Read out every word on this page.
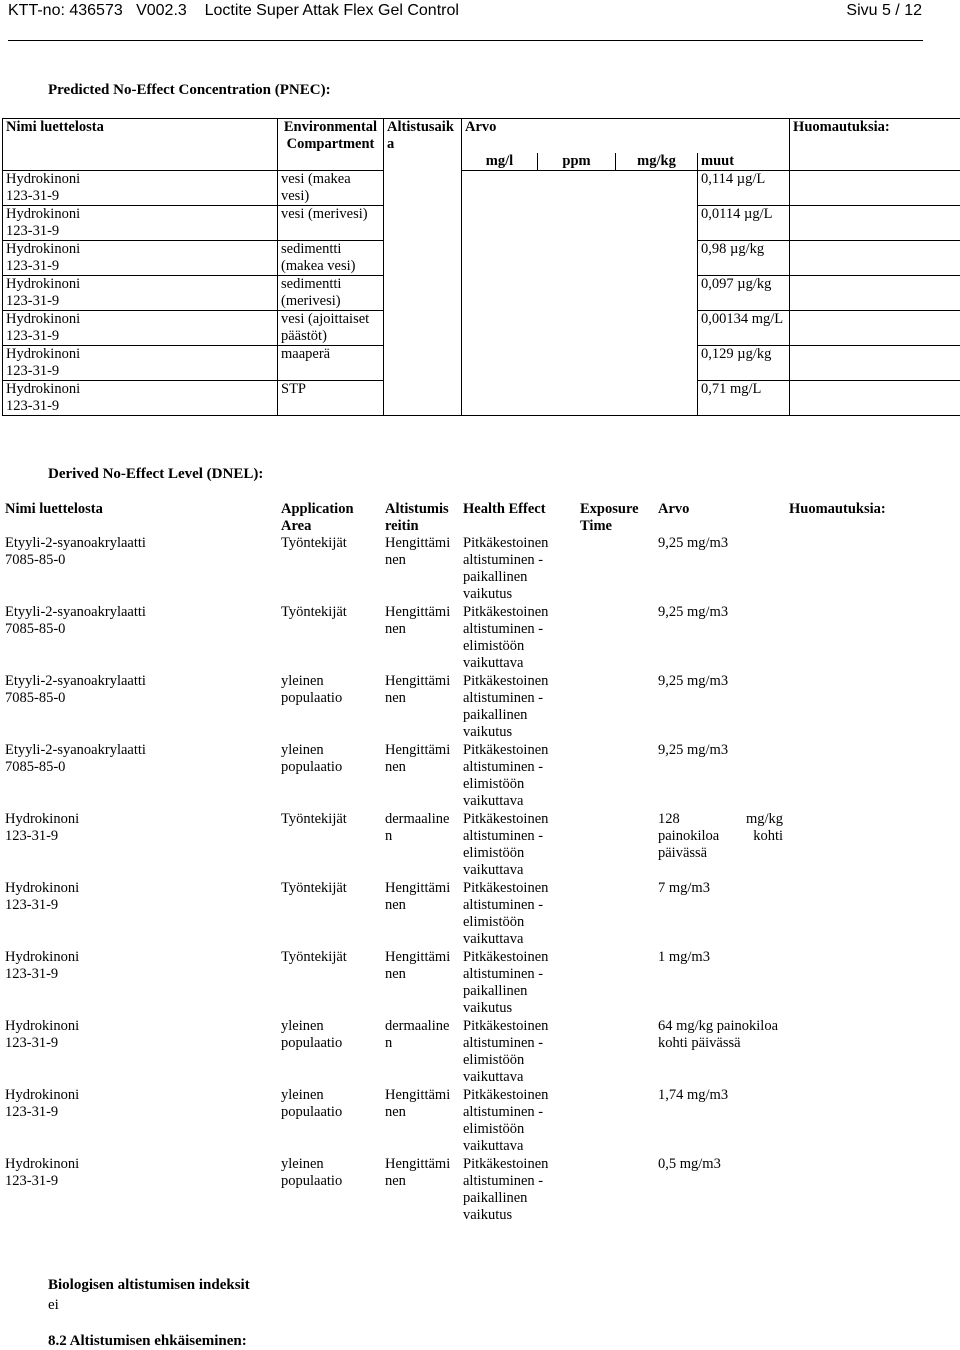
KTT-no: 436573   V002.3    Loctite Super Attak Flex Gel Control	Sivu 5 / 12
Predicted No-Effect Concentration (PNEC):
Nimi luettelosta	Environmental Compartment	Altistusaik a	Arvo				Huomautuksia:
			mg/l	ppm	mg/kg	muut	

Hydrokinoni
123-31-9	vesi (makea vesi)					0,114 µg/L	

Hydrokinoni
123-31-9	vesi (merivesi)					0,0114 µg/L	

Hydrokinoni
123-31-9	sedimentti (makea vesi)					0,98 µg/kg	

Hydrokinoni
123-31-9	sedimentti (merivesi)					0,097 µg/kg	

Hydrokinoni
123-31-9	vesi (ajoittaiset päästöt)					0,00134 mg/L	

Hydrokinoni
123-31-9	maaperä					0,129 µg/kg	

Hydrokinoni
123-31-9	STP					0,71 mg/L	
Derived No-Effect Level (DNEL):
Nimi luettelosta	Application Area	Altistumis reitin	Health Effect	Exposure Time	Arvo	Huomautuksia:

Etyyli-2-syanoakrylaatti
7085-85-0	Työntekijät	Hengittämi nen	Pitkäkestoinen altistuminen - paikallinen vaikutus		9,25 mg/m3	

Etyyli-2-syanoakrylaatti
7085-85-0	Työntekijät	Hengittämi nen	Pitkäkestoinen altistuminen - elimistöön vaikuttava		9,25 mg/m3	

Etyyli-2-syanoakrylaatti
7085-85-0	yleinen populaatio	Hengittämi nen	Pitkäkestoinen altistuminen - paikallinen vaikutus		9,25 mg/m3	

Etyyli-2-syanoakrylaatti
7085-85-0	yleinen populaatio	Hengittämi nen	Pitkäkestoinen altistuminen - elimistöön vaikuttava		9,25 mg/m3	

Hydrokinoni
123-31-9	Työntekijät	dermaaline n	Pitkäkestoinen altistuminen - elimistöön vaikuttava		128 mg/kg painokiloa kohti päivässä	

Hydrokinoni
123-31-9	Työntekijät	Hengittämi nen	Pitkäkestoinen altistuminen - elimistöön vaikuttava		7 mg/m3	

Hydrokinoni
123-31-9	Työntekijät	Hengittämi nen	Pitkäkestoinen altistuminen - paikallinen vaikutus		1 mg/m3	

Hydrokinoni
123-31-9	yleinen populaatio	dermaaline n	Pitkäkestoinen altistuminen - elimistöön vaikuttava		64 mg/kg painokiloa kohti päivässä	

Hydrokinoni
123-31-9	yleinen populaatio	Hengittämi nen	Pitkäkestoinen altistuminen - elimistöön vaikuttava		1,74 mg/m3	

Hydrokinoni
123-31-9	yleinen populaatio	Hengittämi nen	Pitkäkestoinen altistuminen - paikallinen vaikutus		0,5 mg/m3	
Biologisen altistumisen indeksit
ei
8.2 Altistumisen ehkäiseminen:
